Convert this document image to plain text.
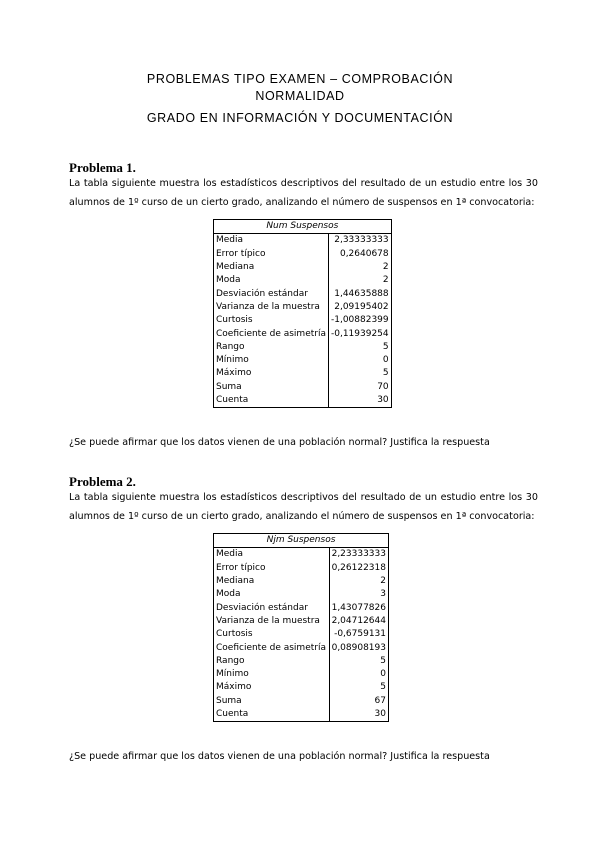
PROBLEMAS TIPO EXAMEN – COMPROBACIÓN
NORMALIDAD
GRADO EN INFORMACIÓN Y DOCUMENTACIÓN
Problema 1.
La tabla siguiente muestra los estadísticos descriptivos del resultado de un estudio entre los 30 alumnos de 1º curso de un cierto grado, analizando el número de suspensos en 1ª convocatoria:
Num Suspensos	
Media	2,33333333
Error típico	0,2640678
Mediana	2
Moda	2
Desviación estándar	1,44635888
Varianza de la muestra	2,09195402
Curtosis	-1,00882399
Coeficiente de asimetría	-0,11939254
Rango	5
Mínimo	0
Máximo	5
Suma	70
Cuenta	30
¿Se puede afirmar que los datos vienen de una población normal? Justifica la respuesta
Problema 2.
La tabla siguiente muestra los estadísticos descriptivos del resultado de un estudio entre los 30 alumnos de 1º curso de un cierto grado, analizando el número de suspensos en 1ª convocatoria:
Njm Suspensos	
Media	2,23333333
Error típico	0,26122318
Mediana	2
Moda	3
Desviación estándar	1,43077826
Varianza de la muestra	2,04712644
Curtosis	-0,6759131
Coeficiente de asimetría	0,08908193
Rango	5
Mínimo	0
Máximo	5
Suma	67
Cuenta	30
¿Se puede afirmar que los datos vienen de una población normal? Justifica la respuesta
